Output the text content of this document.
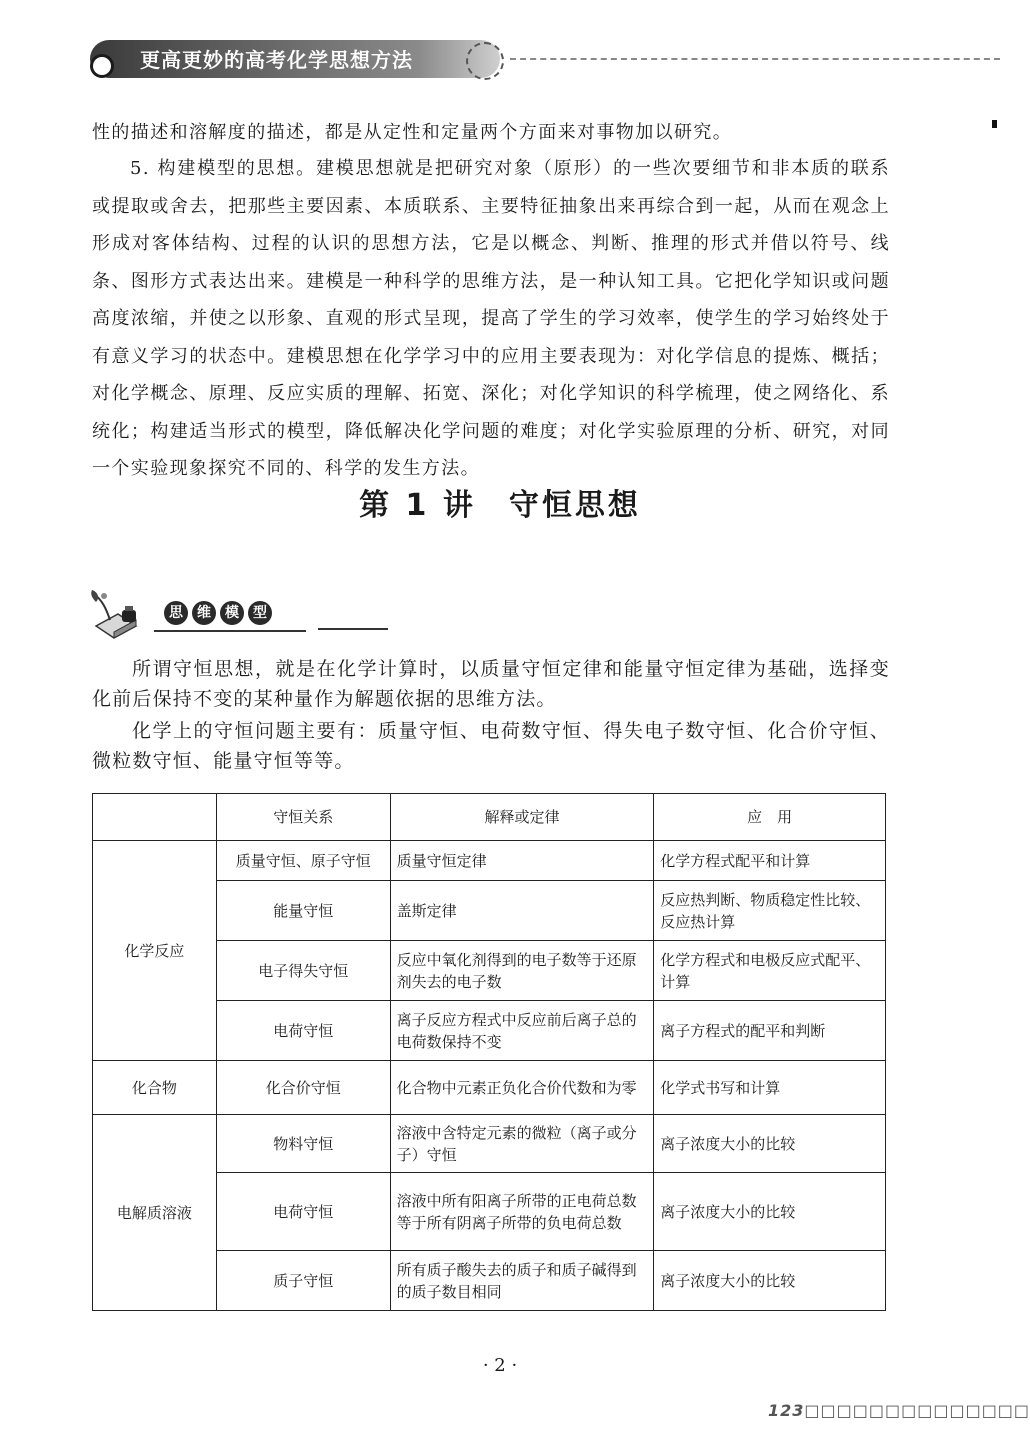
更高更妙的高考化学思想方法
性的描述和溶解度的描述，都是从定性和定量两个方面来对事物加以研究。
5. 构建模型的思想。建模思想就是把研究对象（原形）的一些次要细节和非本质的联系或提取或舍去，把那些主要因素、本质联系、主要特征抽象出来再综合到一起，从而在观念上形成对客体结构、过程的认识的思想方法，它是以概念、判断、推理的形式并借以符号、线条、图形方式表达出来。建模是一种科学的思维方法，是一种认知工具。它把化学知识或问题高度浓缩，并使之以形象、直观的形式呈现，提高了学生的学习效率，使学生的学习始终处于有意义学习的状态中。建模思想在化学学习中的应用主要表现为：对化学信息的提炼、概括；对化学概念、原理、反应实质的理解、拓宽、深化；对化学知识的科学梳理，使之网络化、系统化；构建适当形式的模型，降低解决化学问题的难度；对化学实验原理的分析、研究，对同一个实验现象探究不同的、科学的发生方法。
第 1 讲　守恒思想
思	维	模	型
所谓守恒思想，就是在化学计算时，以质量守恒定律和能量守恒定律为基础，选择变化前后保持不变的某种量作为解题依据的思维方法。
化学上的守恒问题主要有：质量守恒、电荷数守恒、得失电子数守恒、化合价守恒、微粒数守恒、能量守恒等等。
	守恒关系	解释或定律	应　用
化学反应	质量守恒、原子守恒	质量守恒定律	化学方程式配平和计算
	能量守恒	盖斯定律	反应热判断、物质稳定性比较、反应热计算
	电子得失守恒	反应中氧化剂得到的电子数等于还原剂失去的电子数	化学方程式和电极反应式配平、计算
	电荷守恒	离子反应方程式中反应前后离子总的电荷数保持不变	离子方程式的配平和判断
化合物	化合价守恒	化合物中元素正负化合价代数和为零	化学式书写和计算
电解质溶液	物料守恒	溶液中含特定元素的微粒（离子或分子）守恒	离子浓度大小的比较
	电荷守恒	溶液中所有阳离子所带的正电荷总数等于所有阴离子所带的负电荷总数	离子浓度大小的比较
	质子守恒	所有质子酸失去的质子和质子碱得到的质子数目相同	离子浓度大小的比较
· 2 ·
123□□□□□□□□□□□□□□
